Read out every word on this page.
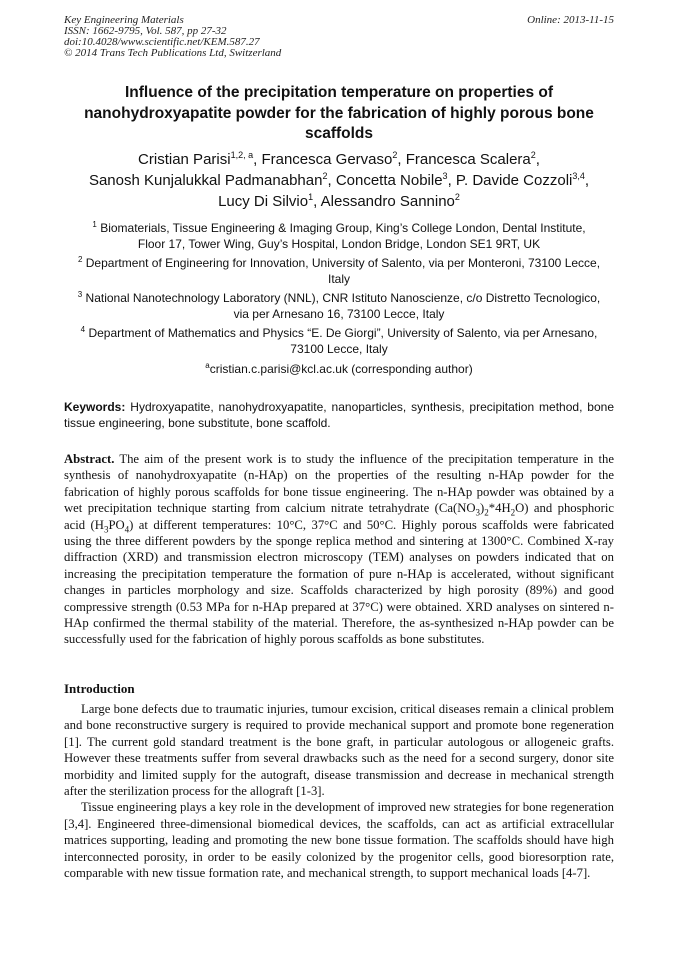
Key Engineering Materials
ISSN: 1662-9795, Vol. 587, pp 27-32
doi:10.4028/www.scientific.net/KEM.587.27
© 2014 Trans Tech Publications Ltd, Switzerland
Online: 2013-11-15
Influence of the precipitation temperature on properties of nanohydroxyapatite powder for the fabrication of highly porous bone scaffolds
Cristian Parisi$^{1,2, a}$, Francesca Gervaso$^2$, Francesca Scalera$^2$,
Sanosh Kunjalukkal Padmanabhan$^2$, Concetta Nobile$^3$, P. Davide Cozzoli$^{3,4}$,
Lucy Di Silvio$^1$, Alessandro Sannino$^2$
$^1$ Biomaterials, Tissue Engineering & Imaging Group, King’s College London, Dental Institute,
Floor 17, Tower Wing, Guy’s Hospital, London Bridge, London SE1 9RT, UK
$^2$ Department of Engineering for Innovation, University of Salento, via per Monteroni, 73100 Lecce,
Italy
$^3$ National Nanotechnology Laboratory (NNL), CNR Istituto Nanoscienze, c/o Distretto Tecnologico,
via per Arnesano 16, 73100 Lecce, Italy
$^4$ Department of Mathematics and Physics “E. De Giorgi”, University of Salento, via per Arnesano,
73100 Lecce, Italy
$^a$cristian.c.parisi@kcl.ac.uk (corresponding author)
Keywords: Hydroxyapatite, nanohydroxyapatite, nanoparticles, synthesis, precipitation method, bone tissue engineering, bone substitute, bone scaffold.
Abstract. The aim of the present work is to study the influence of the precipitation temperature in the synthesis of nanohydroxyapatite (n-HAp) on the properties of the resulting n-HAp powder for the fabrication of highly porous scaffolds for bone tissue engineering. The n-HAp powder was obtained by a wet precipitation technique starting from calcium nitrate tetrahydrate $(Ca(NO_3)_2*4H_2O)$ and phosphoric acid $(H_3PO_4)$ at different temperatures: 10°C, 37°C and 50°C. Highly porous scaffolds were fabricated using the three different powders by the sponge replica method and sintering at 1300°C. Combined X-ray diffraction (XRD) and transmission electron microscopy (TEM) analyses on powders indicated that on increasing the precipitation temperature the formation of pure n-HAp is accelerated, without significant changes in particles morphology and size. Scaffolds characterized by high porosity (89%) and good compressive strength (0.53 MPa for n-HAp prepared at 37°C) were obtained. XRD analyses on sintered n-HAp confirmed the thermal stability of the material. Therefore, the as-synthesized n-HAp powder can be successfully used for the fabrication of highly porous scaffolds as bone substitutes.
Introduction

Large bone defects due to traumatic injuries, tumour excision, critical diseases remain a clinical problem and bone reconstructive surgery is required to provide mechanical support and promote bone regeneration [1]. The current gold standard treatment is the bone graft, in particular autologous or allogeneic grafts. However these treatments suffer from several drawbacks such as the need for a second surgery, donor site morbidity and limited supply for the autograft, disease transmission and decrease in mechanical strength after the sterilization process for the allograft [1-3].

Tissue engineering plays a key role in the development of improved new strategies for bone regeneration [3,4]. Engineered three-dimensional biomedical devices, the scaffolds, can act as artificial extracellular matrices supporting, leading and promoting the new bone tissue formation. The scaffolds should have high interconnected porosity, in order to be easily colonized by the progenitor cells, good bioresorption rate, comparable with new tissue formation rate, and mechanical strength, to support mechanical loads [4-7].
